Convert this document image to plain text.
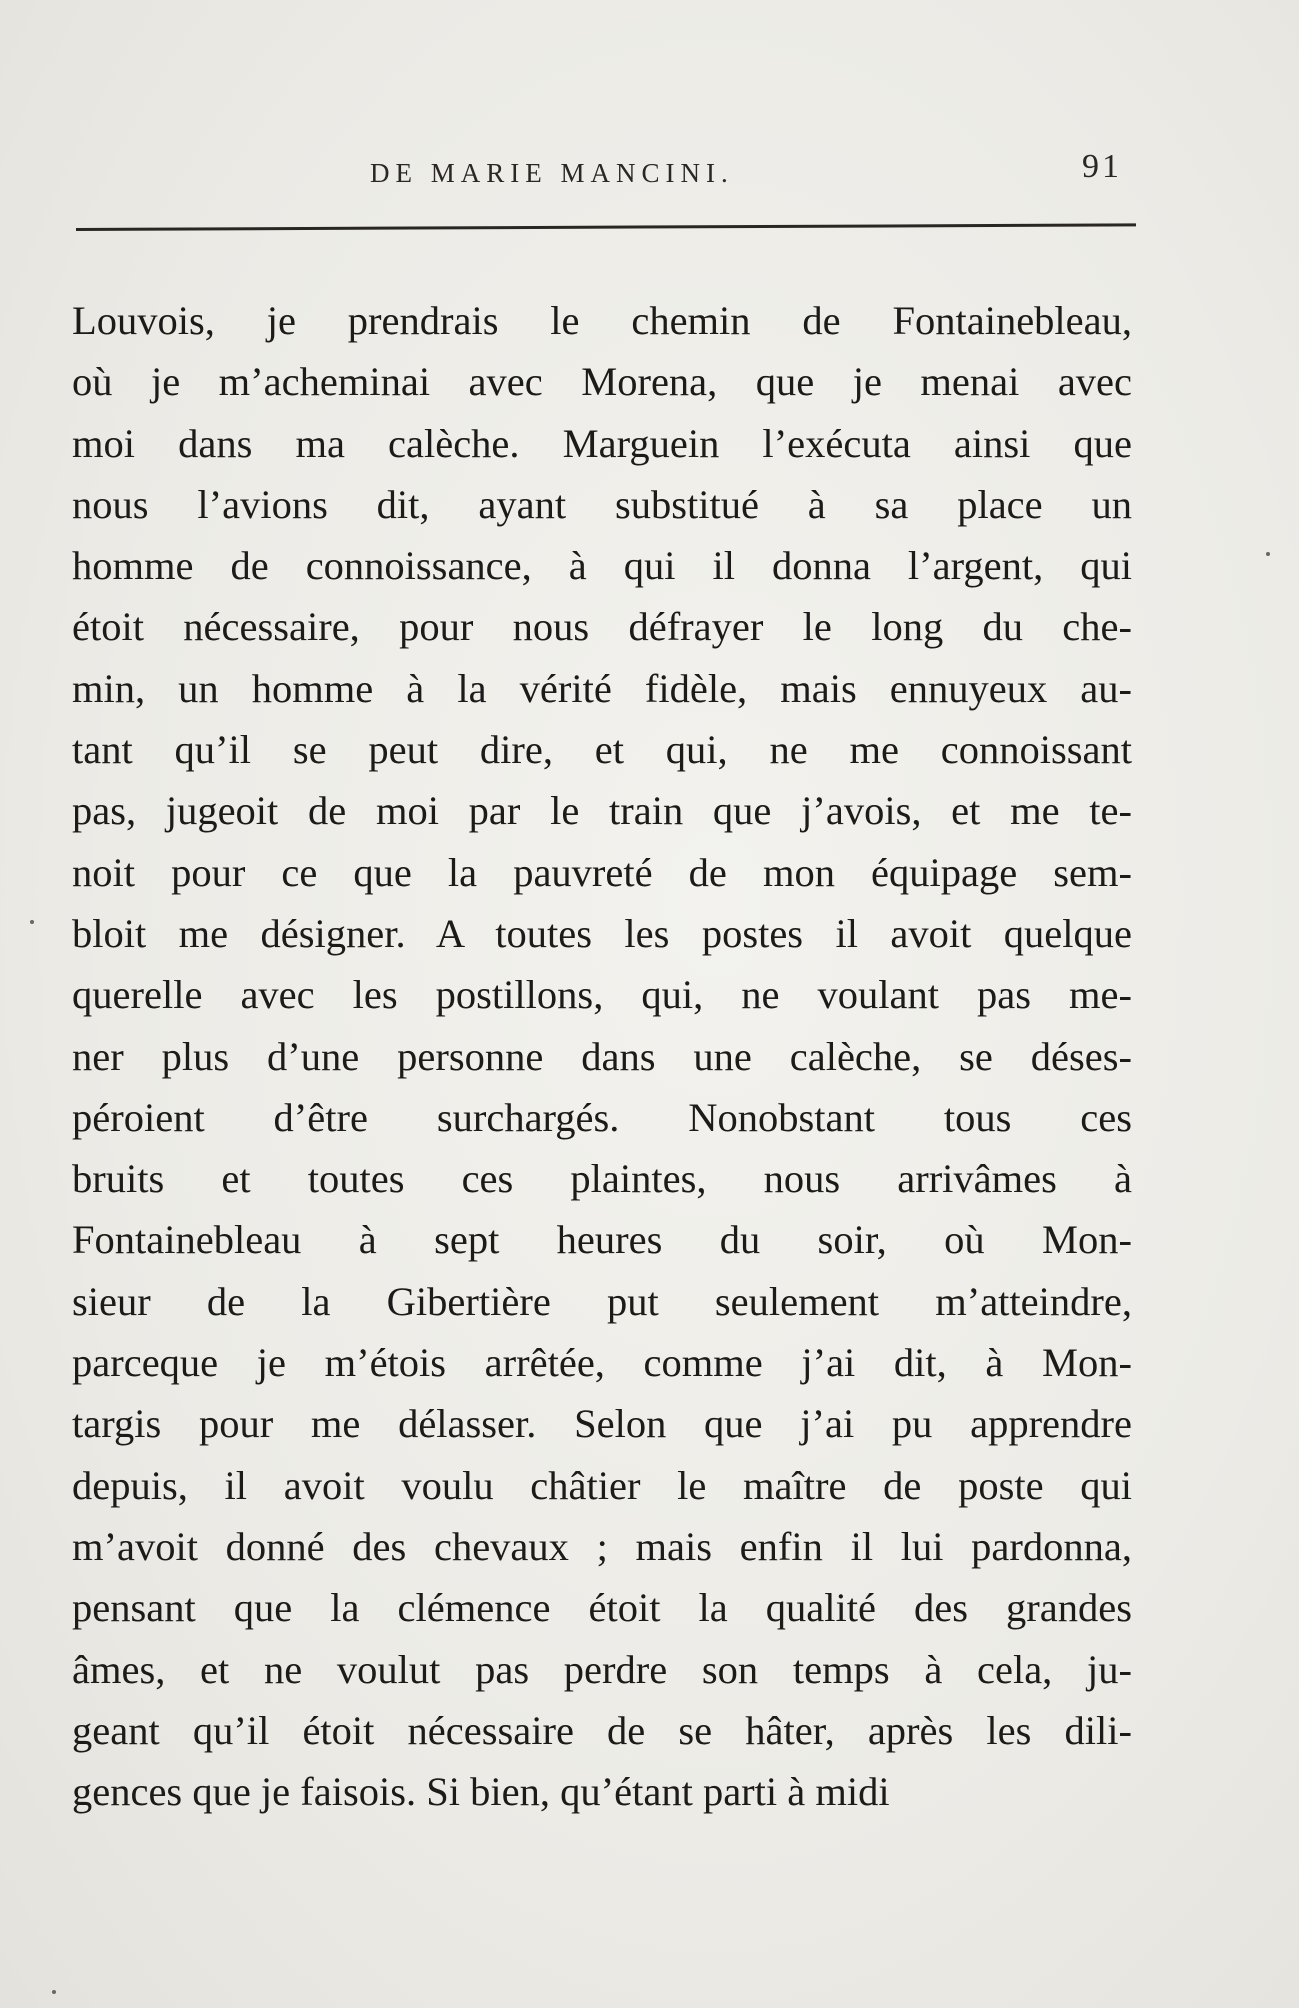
DE MARIE MANCINI.	91
Louvois, je prendrais le chemin de Fontainebleau,
où je m’acheminai avec Morena, que je menai avec
moi dans ma calèche. Marguein l’exécuta ainsi que
nous l’avions dit, ayant substitué à sa place un
homme de connoissance, à qui il donna l’argent, qui
étoit nécessaire, pour nous défrayer le long du che-
min, un homme à la vérité fidèle, mais ennuyeux au-
tant qu’il se peut dire, et qui, ne me connoissant
pas, jugeoit de moi par le train que j’avois, et me te-
noit pour ce que la pauvreté de mon équipage sem-
bloit me désigner. A toutes les postes il avoit quelque
querelle avec les postillons, qui, ne voulant pas me-
ner plus d’une personne dans une calèche, se déses-
péroient d’être surchargés. Nonobstant tous ces
bruits et toutes ces plaintes, nous arrivâmes à
Fontainebleau à sept heures du soir, où Mon-
sieur de la Gibertière put seulement m’atteindre,
parceque je m’étois arrêtée, comme j’ai dit, à Mon-
targis pour me délasser. Selon que j’ai pu apprendre
depuis, il avoit voulu châtier le maître de poste qui
m’avoit donné des chevaux ; mais enfin il lui pardonna,
pensant que la clémence étoit la qualité des grandes
âmes, et ne voulut pas perdre son temps à cela, ju-
geant qu’il étoit nécessaire de se hâter, après les dili-
gences que je faisois. Si bien, qu’étant parti à midi
